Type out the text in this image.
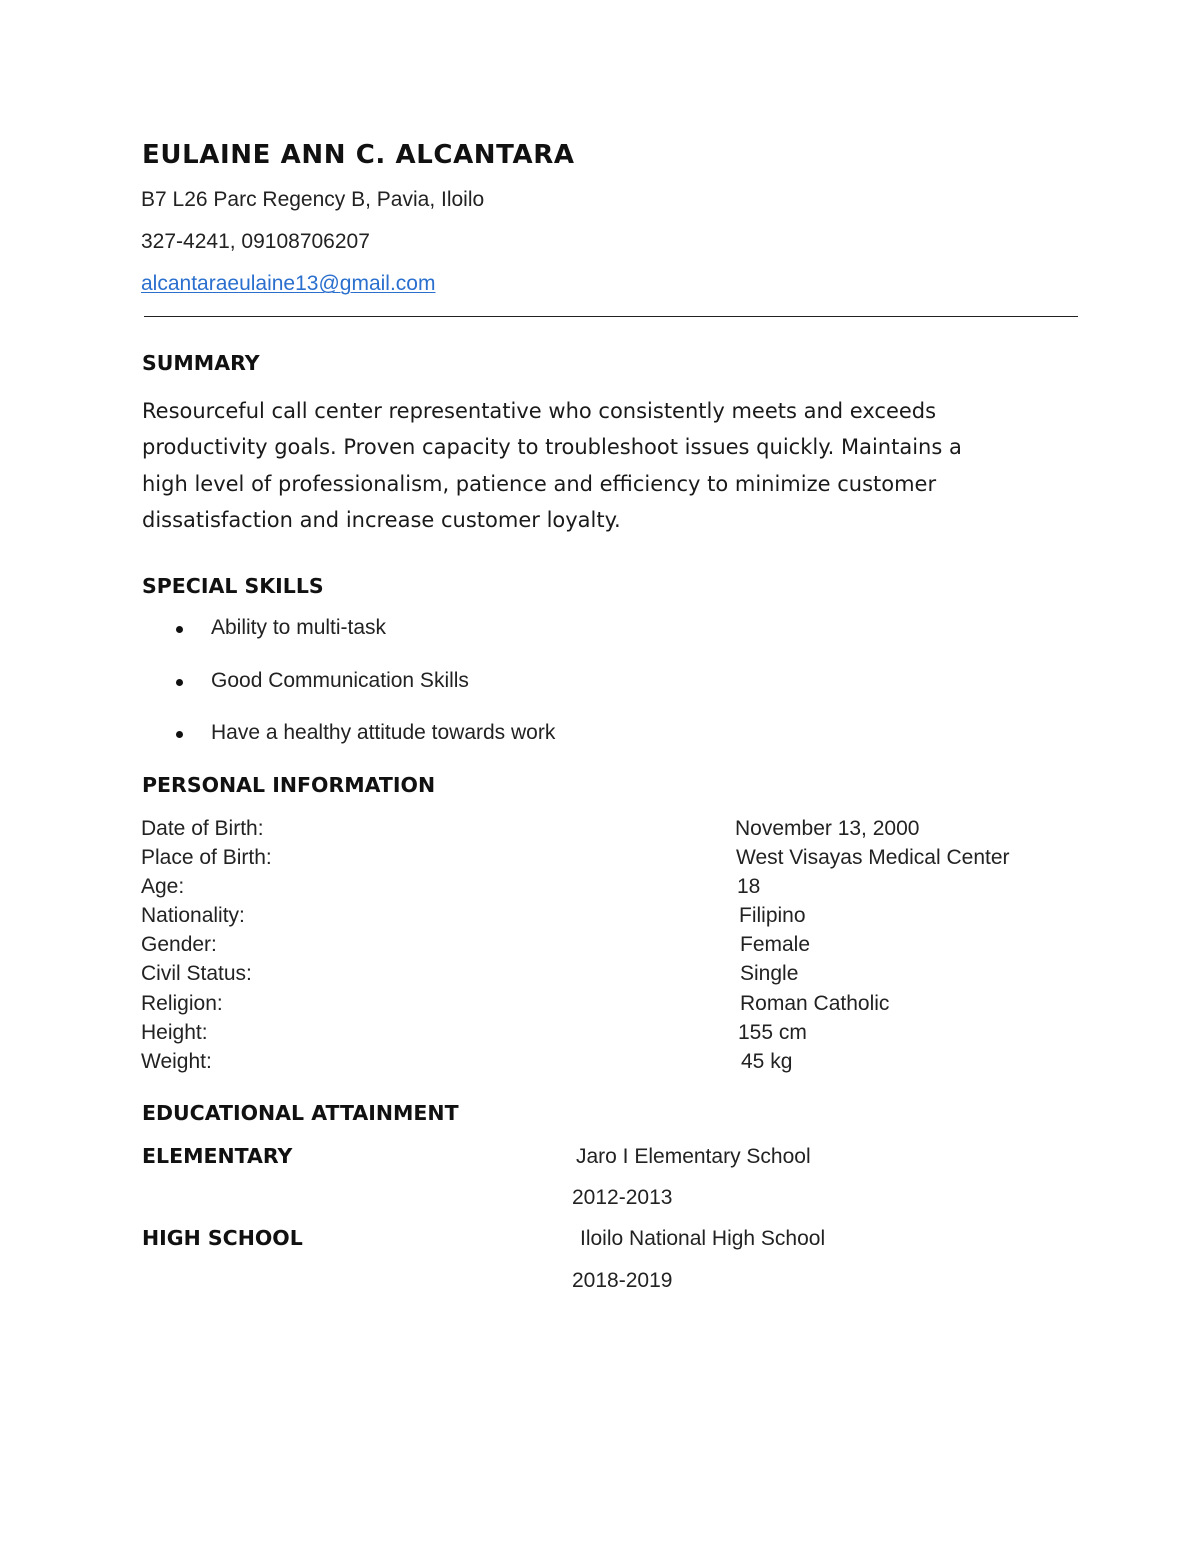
EULAINE ANN C. ALCANTARA
B7 L26 Parc Regency B, Pavia, Iloilo
327-4241, 09108706207
alcantaraeulaine13@gmail.com
SUMMARY
Resourceful call center representative who consistently meets and exceeds
productivity goals. Proven capacity to troubleshoot issues quickly. Maintains a
high level of professionalism, patience and efficiency to minimize customer
dissatisfaction and increase customer loyalty.
SPECIAL SKILLS
Ability to multi-task
Good Communication Skills
Have a healthy attitude towards work
PERSONAL INFORMATION
Date of Birth:	November 13, 2000
Place of Birth:	West Visayas Medical Center
Age:	18
Nationality:	Filipino
Gender:	Female
Civil Status:	Single
Religion:	Roman Catholic
Height:	155 cm
Weight:	45 kg
EDUCATIONAL ATTAINMENT
ELEMENTARY	Jaro I Elementary School
2012-2013
HIGH SCHOOL	Iloilo National High School
2018-2019
